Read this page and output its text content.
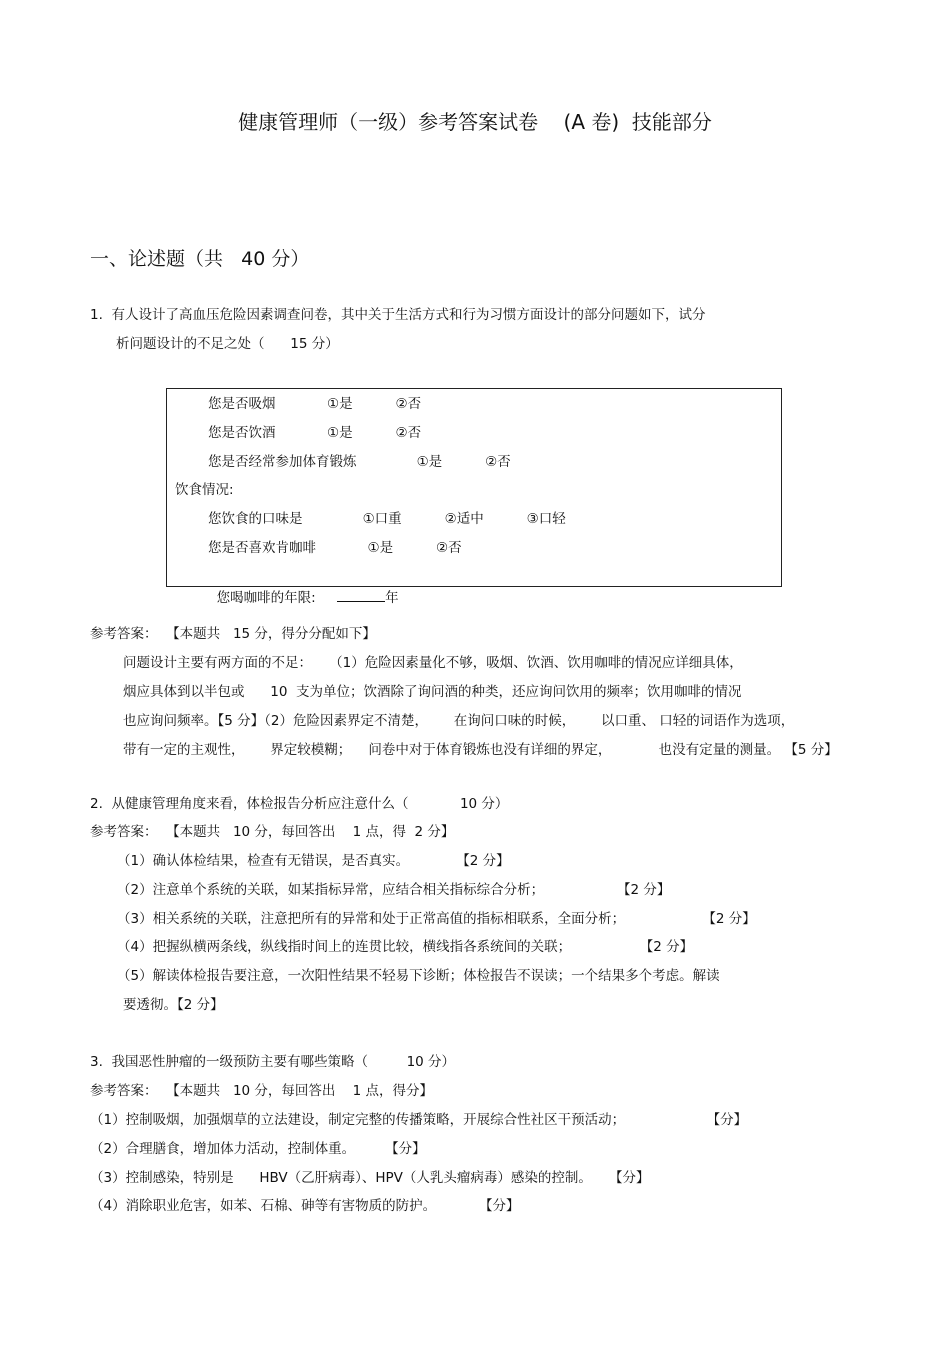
健康管理师（一级）参考答案试卷    (A 卷)  技能部分
一、论述题（共   40 分）
1.  有人设计了高血压危险因素调查问卷，其中关于生活方式和行为习惯方面设计的部分问题如下，试分
析问题设计的不足之处（      15 分）
您是否吸烟            ①是          ②否
您是否饮酒            ①是          ②否
您是否经常参加体育锻炼              ①是          ②否
饮食情况:
您饮食的口味是              ①口重          ②适中          ③口轻
您是否喜欢肯咖啡            ①是          ②否

您喝咖啡的年限:	年

参考答案：  【本题共   15 分，得分分配如下】
问题设计主要有两方面的不足：    （1）危险因素量化不够，吸烟、饮酒、饮用咖啡的情况应详细具体，
烟应具体到以半包或      10  支为单位；饮酒除了询问酒的种类，还应询问饮用的频率；饮用咖啡的情况
也应询问频率。【5 分】（2）危险因素界定不清楚，      在询问口味的时候，      以口重、 口轻的词语作为选项，
带有一定的主观性，      界定较模糊；    问卷中对于体育锻炼也没有详细的界定，           也没有定量的测量。 【5 分】
2.  从健康管理角度来看，体检报告分析应注意什么（            10 分）
参考答案：  【本题共   10 分，每回答出    1 点，得  2 分】
（1）确认体检结果，检查有无错误，是否真实。           【2 分】
（2）注意单个系统的关联，如某指标异常，应结合相关指标综合分析；                 【2 分】
（3）相关系统的关联，注意把所有的异常和处于正常高值的指标相联系，全面分析；                  【2 分】
（4）把握纵横两条线，纵线指时间上的连贯比较，横线指各系统间的关联；                【2 分】
（5）解读体检报告要注意，一次阳性结果不轻易下诊断；体检报告不误读；一个结果多个考虑。解读
要透彻。【2 分】
3.  我国恶性肿瘤的一级预防主要有哪些策略（         10 分）
参考答案：  【本题共   10 分，每回答出    1 点，得分】
（1）控制吸烟，加强烟草的立法建设，制定完整的传播策略，开展综合性社区干预活动；                   【分】
（2）合理膳食，增加体力活动，控制体重。       【分】
（3）控制感染，特别是      HBV（乙肝病毒）、HPV（人乳头瘤病毒）感染的控制。    【分】
（4）消除职业危害，如苯、石棉、砷等有害物质的防护。          【分】
